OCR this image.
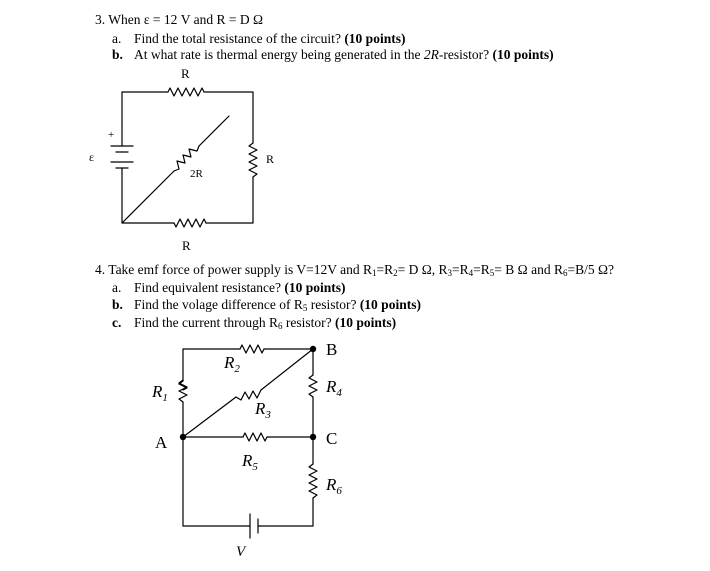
3. When ε = 12 V and R = D Ω
a. Find the total resistance of the circuit? (10 points)
b. At what rate is thermal energy being generated in the 2R-resistor? (10 points)
4. Take emf force of power supply is V=12V and $R_1=R_2= D$ Ω, $R_3=R_4=R_5= B$ Ω and $R_6=B/5$ Ω?
a. Find equivalent resistance? (10 points)
b. Find the volage difference of $R_5$ resistor? (10 points)
c. Find the current through $R_6$ resistor? (10 points)
R
2R
R
R
ε
+
B
A	C
$R_1$
$R_2$
$R_3$
$R_4$
$R_5$
$R_6$
V
